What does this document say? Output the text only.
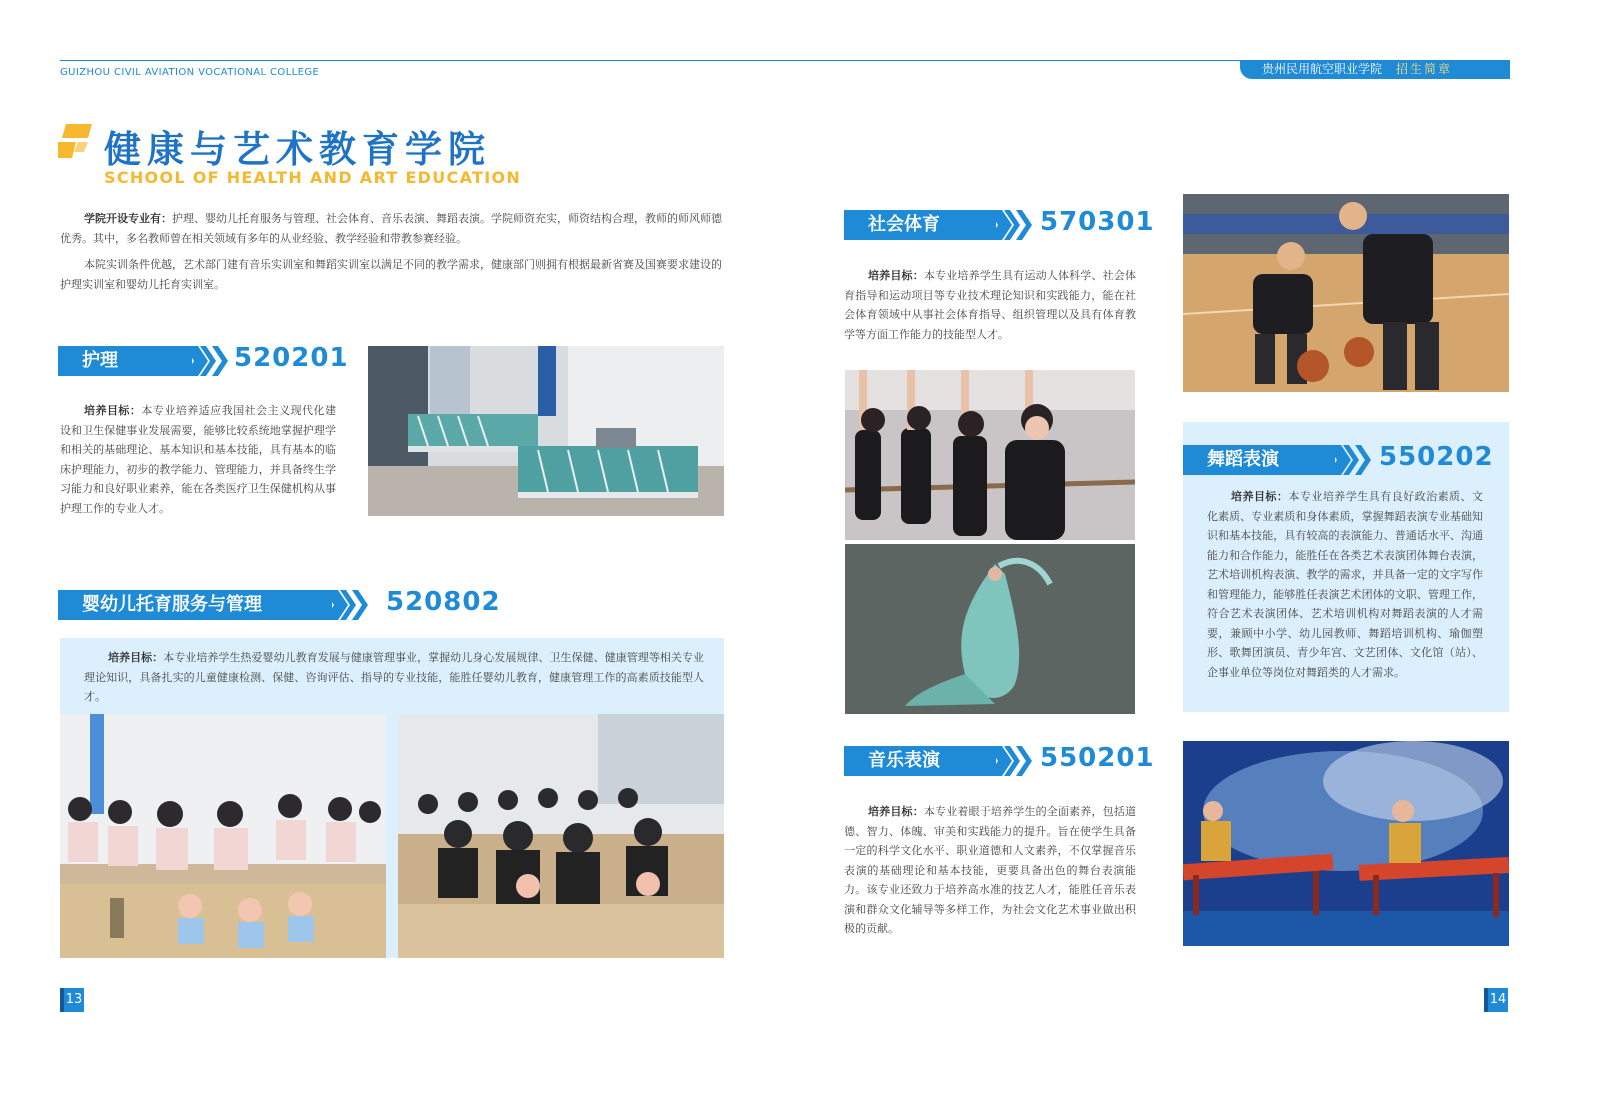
GUIZHOU CIVIL AVIATION VOCATIONAL COLLEGE	贵州民用航空职业学院 招生简章
健康与艺术教育学院
SCHOOL OF HEALTH AND ART EDUCATION
学院开设专业有：护理、婴幼儿托育服务与管理、社会体育、音乐表演、舞蹈表演。学院师资充实，师资结构合理，教师的师风师德优秀。其中，多名教师曾在相关领域有多年的从业经验、教学经验和带教参赛经验。
本院实训条件优越，艺术部门建有音乐实训室和舞蹈实训室以满足不同的教学需求，健康部门则拥有根据最新省赛及国赛要求建设的护理实训室和婴幼儿托育实训室。
护理	520201
培养目标：本专业培养适应我国社会主义现代化建设和卫生保健事业发展需要，能够比较系统地掌握护理学和相关的基础理论、基本知识和基本技能，具有基本的临床护理能力，初步的教学能力、管理能力，并具备终生学习能力和良好职业素养，能在各类医疗卫生保健机构从事护理工作的专业人才。
婴幼儿托育服务与管理	520802
培养目标：本专业培养学生热爱婴幼儿教育发展与健康管理事业，掌握幼儿身心发展规律、卫生保健、健康管理等相关专业理论知识，具备扎实的儿童健康检测、保健、咨询评估、指导的专业技能，能胜任婴幼儿教育，健康管理工作的高素质技能型人才。
社会体育	570301
培养目标：本专业培养学生具有运动人体科学、社会体育指导和运动项目等专业技术理论知识和实践能力，能在社会体育领域中从事社会体育指导、组织管理以及具有体育教学等方面工作能力的技能型人才。
舞蹈表演	550202
培养目标：本专业培养学生具有良好政治素质、文化素质、专业素质和身体素质，掌握舞蹈表演专业基础知识和基本技能，具有较高的表演能力、普通话水平、沟通能力和合作能力，能胜任在各类艺术表演团体舞台表演，艺术培训机构表演、教学的需求，并具备一定的文字写作和管理能力，能够胜任表演艺术团体的文职、管理工作，符合艺术表演团体、艺术培训机构对舞蹈表演的人才需要，兼顾中小学、幼儿园教师、舞蹈培训机构、瑜伽塑形、歌舞团演员、青少年宫、文艺团体、文化馆（站）、企事业单位等岗位对舞蹈类的人才需求。
音乐表演	550201
培养目标：本专业着眼于培养学生的全面素养，包括道德、智力、体魄、审美和实践能力的提升。旨在使学生具备一定的科学文化水平、职业道德和人文素养，不仅掌握音乐表演的基础理论和基本技能，更要具备出色的舞台表演能力。该专业还致力于培养高水准的技艺人才，能胜任音乐表演和群众文化辅导等多样工作，为社会文化艺术事业做出积极的贡献。
13	14
